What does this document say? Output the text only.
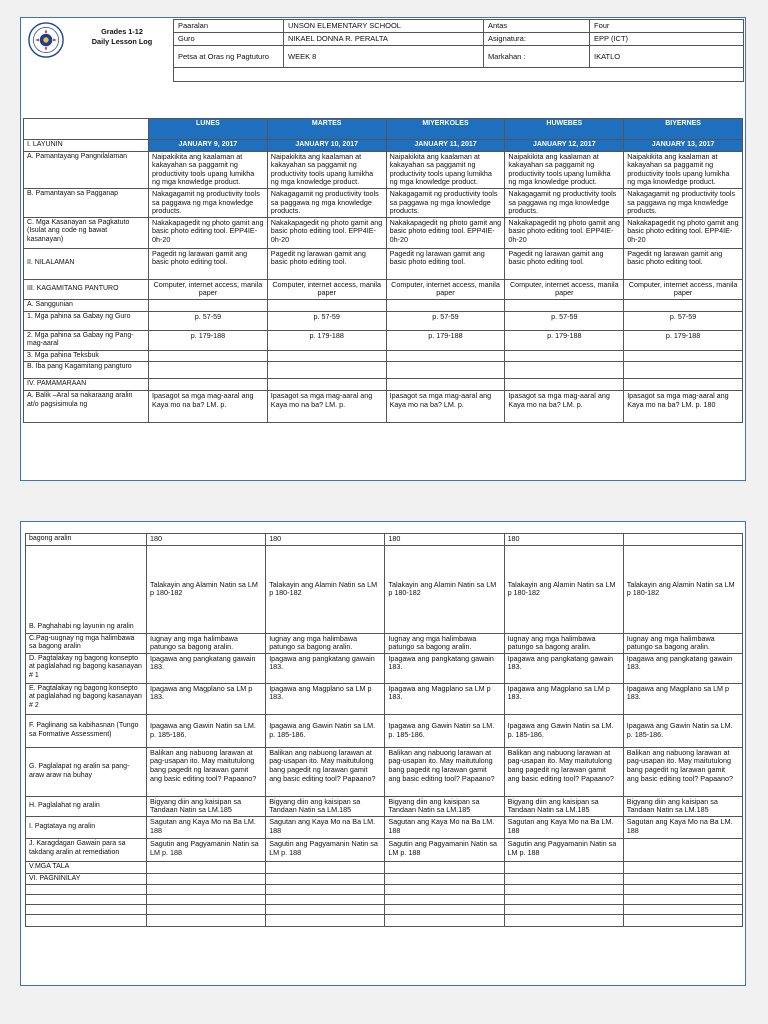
Grades 1-12
Daily Lesson Log
Paaralan	UNSON ELEMENTARY SCHOOL	Antas	Four
Guro	NIKAEL DONNA R. PERALTA	Asignatura:	EPP (ICT)
Petsa at Oras ng Pagtuturo	WEEK 8	Markahan :	IKATLO

	LUNES	MARTES	MIYERKOLES	HUWEBES	BIYERNES
I. LAYUNIN	JANUARY 9, 2017	JANUARY 10, 2017	JANUARY 11, 2017	JANUARY 12, 2017	JANUARY 13, 2017
A. Pamantayang Pangnilalaman	Naipakikita ang kaalaman at kakayahan sa paggamit ng productivity tools upang lumikha ng mga knowledge product.	Naipakikita ang kaalaman at kakayahan sa paggamit ng productivity tools upang lumikha ng mga knowledge product.	Naipakikita ang kaalaman at kakayahan sa paggamit ng productivity tools upang lumikha ng mga knowledge product.	Naipakikita ang kaalaman at kakayahan sa paggamit ng productivity tools upang lumikha ng mga knowledge product.	Naipakikita ang kaalaman at kakayahan sa paggamit ng productivity tools upang lumikha ng mga knowledge product.
B. Pamantayan sa Pagganap	Nakagagamit ng productivity tools sa paggawa ng mga knowledge products.	Nakagagamit ng productivity tools sa paggawa ng mga knowledge products.	Nakagagamit ng productivity tools sa paggawa ng mga knowledge products.	Nakagagamit ng productivity tools sa paggawa ng mga knowledge products.	Nakagagamit ng productivity tools sa paggawa ng mga knowledge products.
C. Mga Kasanayan sa Pagkatuto (Isulat ang code ng bawat kasanayan)	Nakakapagedit ng photo gamit ang basic photo editing tool. EPP4IE-0h-20	Nakakapagedit ng photo gamit ang basic photo editing tool. EPP4IE-0h-20	Nakakapagedit ng photo gamit ang basic photo editing tool. EPP4IE-0h-20	Nakakapagedit ng photo gamit ang basic photo editing tool. EPP4IE-0h-20	Nakakapagedit ng photo gamit ang basic photo editing tool. EPP4IE-0h-20
II. NILALAMAN	Pagedit ng larawan gamit ang basic photo editing tool.	Pagedit ng larawan gamit ang basic photo editing tool.	Pagedit ng larawan gamit ang basic photo editing tool.	Pagedit ng larawan gamit ang basic photo editing tool.	Pagedit ng larawan gamit ang basic photo editing tool.
III. KAGAMITANG PANTURO	Computer, internet access, manila paper	Computer, internet access, manila paper	Computer, internet access, manila paper	Computer, internet access, manila paper	Computer, internet access, manila paper
A. Sanggunian					
1. Mga pahina sa Gabay ng Guro	p. 57-59	p. 57-59	p. 57-59	p. 57-59	p. 57-59
2. Mga pahina sa Gabay ng Pang-mag-aaral	p. 179-188	p. 179-188	p. 179-188	p. 179-188	p. 179-188
3. Mga pahina Teksbuk					
B. Iba pang Kagamitang pangturo					
IV. PAMAMARAAN					
A. Balik –Aral sa nakaraang aralin at/o pagsisimula ng	Ipasagot sa mga mag-aaral ang Kaya mo na ba? LM. p.	Ipasagot sa mga mag-aaral ang Kaya mo na ba? LM. p.	Ipasagot sa mga mag-aaral ang Kaya mo na ba? LM. p.	Ipasagot sa mga mag-aaral ang Kaya mo na ba? LM. p.	Ipasagot sa mga mag-aaral ang Kaya mo na ba? LM. p. 180
bagong aralin	180	180	180	180	
B. Paghahabi ng layunin ng aralin	Talakayin ang Alamin Natin sa LM p 180-182	Talakayin ang Alamin Natin sa LM p 180-182	Talakayin ang Alamin Natin sa LM p 180-182	Talakayin ang Alamin Natin sa LM p 180-182	Talakayin ang Alamin Natin sa LM p 180-182
C.Pag-uugnay ng mga halimbawa sa bagong aralin	Iugnay ang mga halimbawa patungo sa bagong aralin.	Iugnay ang mga halimbawa patungo sa bagong aralin.	Iugnay ang mga halimbawa patungo sa bagong aralin.	Iugnay ang mga halimbawa patungo sa bagong aralin.	Iugnay ang mga halimbawa patungo sa bagong aralin.
D. Pagtalakay ng bagong konsepto at paglalahad ng bagong kasanayan # 1	Ipagawa ang pangkatang gawain 183.	Ipagawa ang pangkatang gawain 183.	Ipagawa ang pangkatang gawain 183.	Ipagawa ang pangkatang gawain 183.	Ipagawa ang pangkatang gawain 183.
E. Pagtalakay ng bagong konsepto at paglalahad ng bagong kasanayan # 2	Ipagawa ang Magplano sa LM p 183.	Ipagawa ang Magplano sa LM p 183.	Ipagawa ang Magplano sa LM p 183.	Ipagawa ang Magplano sa LM p 183.	Ipagawa ang Magplano sa LM p 183.
F. Paglinang sa kabihasnan (Tungo sa Formative Assessment)	Ipagawa ang Gawin Natin sa LM. p. 185-186.	Ipagawa ang Gawin Natin sa LM. p. 185-186.	Ipagawa ang Gawin Natin sa LM. p. 185-186.	Ipagawa ang Gawin Natin sa LM. p. 185-186.	Ipagawa ang Gawin Natin sa LM. p. 185-186.
G. Paglalapat ng aralin sa pang-araw araw na buhay	Balikan ang nabuong larawan at pag-usapan ito. May maitutulong bang pagedit ng larawan gamit ang basic editing tool? Papaano?	Balikan ang nabuong larawan at pag-usapan ito. May maitutulong bang pagedit ng larawan gamit ang basic editing tool? Papaano?	Balikan ang nabuong larawan at pag-usapan ito. May maitutulong bang pagedit ng larawan gamit ang basic editing tool? Papaano?	Balikan ang nabuong larawan at pag-usapan ito. May maitutulong bang pagedit ng larawan gamit ang basic editing tool? Papaano?	Balikan ang nabuong larawan at pag-usapan ito. May maitutulong bang pagedit ng larawan gamit ang basic editing tool? Papaano?
H. Paglalahat ng aralin	Bigyang diin ang kaisipan sa Tandaan Natin sa LM.185	Bigyang diin ang kaisipan sa Tandaan Natin sa LM.185	Bigyang diin ang kaisipan sa Tandaan Natin sa LM.185	Bigyang diin ang kaisipan sa Tandaan Natin sa LM.185	Bigyang diin ang kaisipan sa Tandaan Natin sa LM.185
I. Pagtataya ng aralin	Sagutan ang Kaya Mo na Ba LM. 188	Sagutan ang Kaya Mo na Ba LM. 188	Sagutan ang Kaya Mo na Ba LM. 188	Sagutan ang Kaya Mo na Ba LM. 188	Sagutan ang Kaya Mo na Ba LM. 188
J. Karagdagan Gawain para sa takdang aralin at remediation	Sagutin ang Pagyamanin Natin sa LM p. 188	Sagutin ang Pagyamanin Natin sa LM p. 188	Sagutin ang Pagyamanin Natin sa LM p. 188	Sagutin ang Pagyamanin Natin sa LM p. 188	
V.MGA TALA					
VI. PAGNINILAY					
